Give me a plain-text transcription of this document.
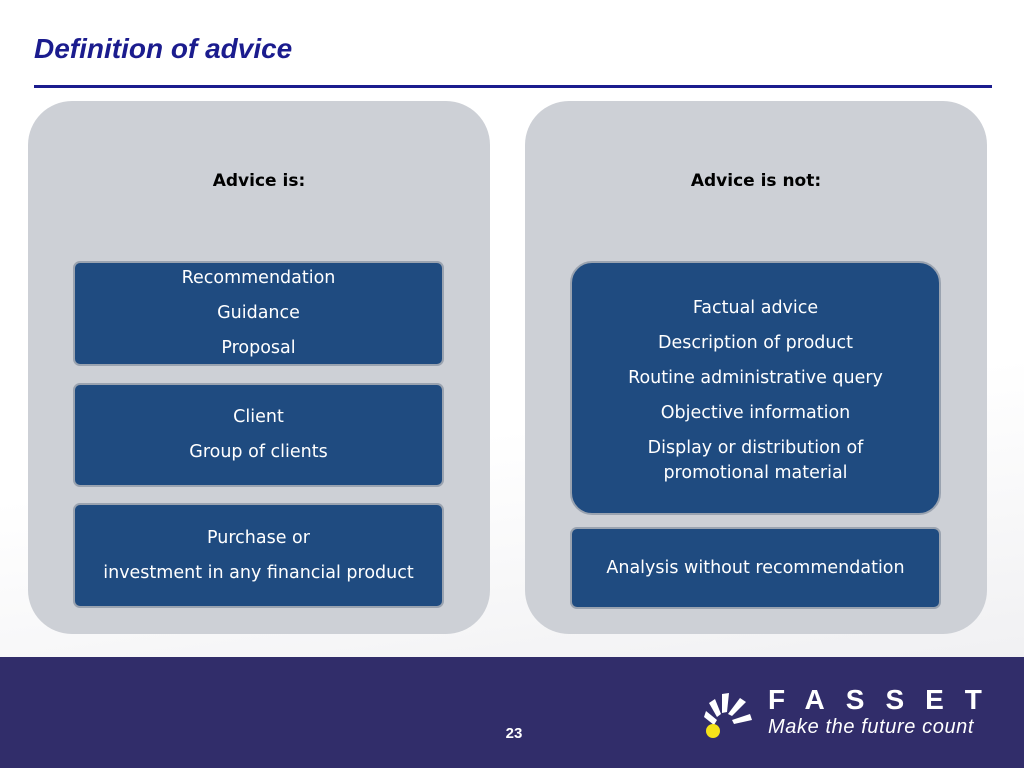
Definition of advice
Advice is:
Recommendation
Guidance
Proposal
Client
Group of clients
Purchase or
investment in any financial product
Advice is not:
Factual advice
Description of product
Routine administrative query
Objective information
Display or distribution of promotional material
Analysis without recommendation
23
FASSET
Make the future count
